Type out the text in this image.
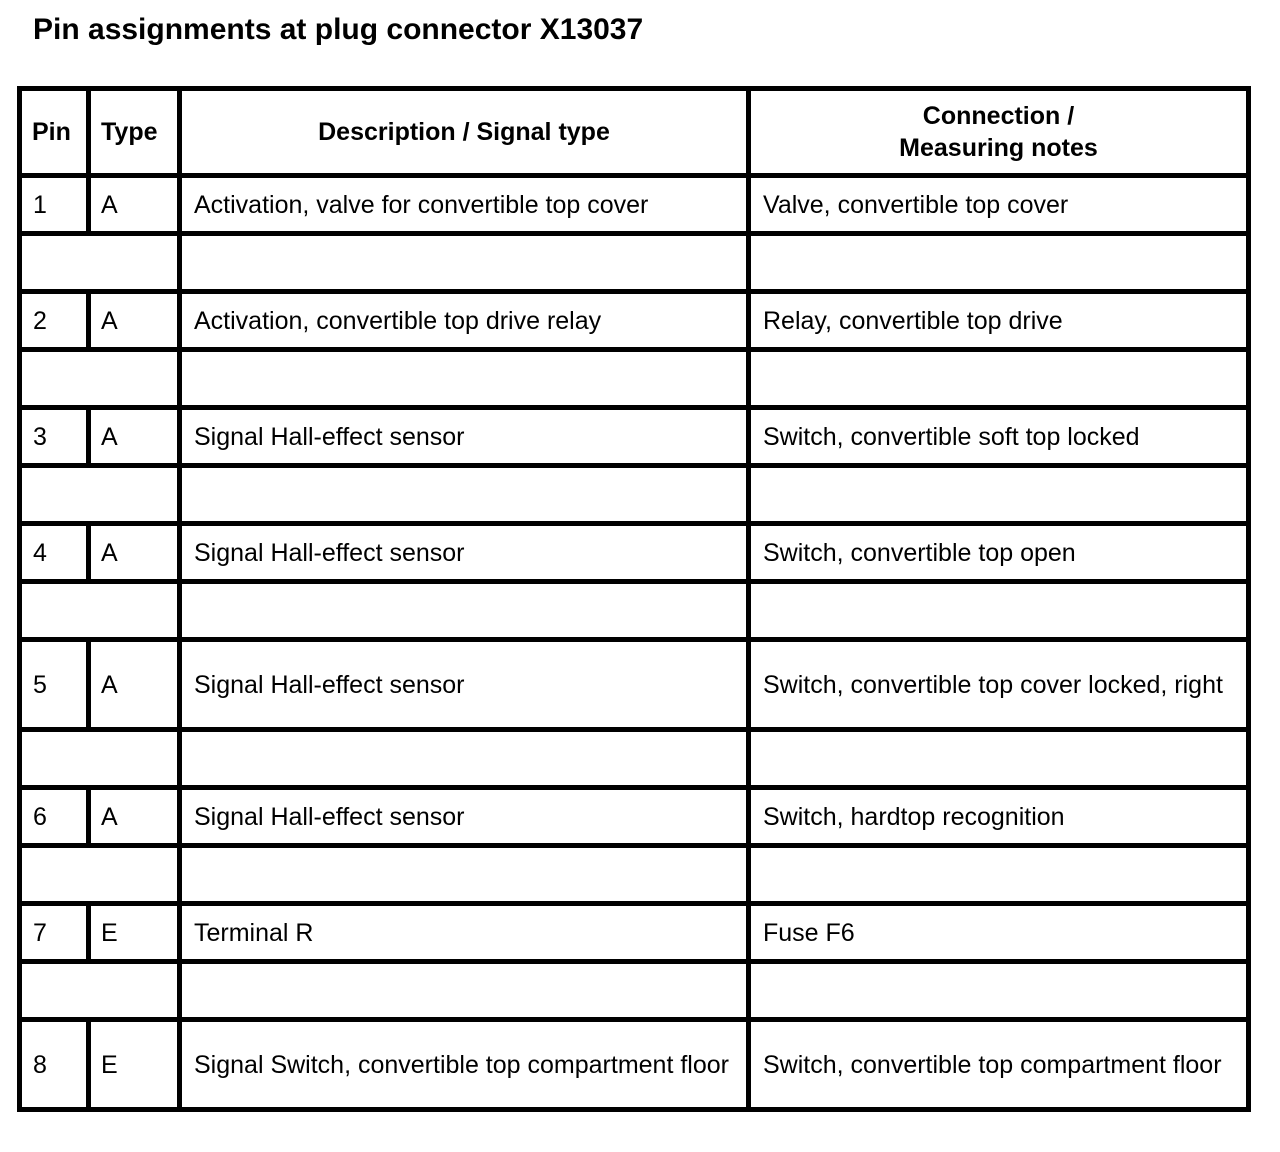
Pin assignments at plug connector X13037
Pin	Type	Description / Signal type	Connection /
Measuring notes
1	A	Activation, valve for convertible top cover	Valve, convertible top cover

2	A	Activation, convertible top drive relay	Relay, convertible top drive

3	A	Signal Hall-effect sensor	Switch, convertible soft top locked

4	A	Signal Hall-effect sensor	Switch, convertible top open

5	A	Signal Hall-effect sensor	Switch, convertible top cover locked, right

6	A	Signal Hall-effect sensor	Switch, hardtop recognition

7	E	Terminal R	Fuse F6

8	E	Signal Switch, convertible top compartment floor	Switch, convertible top compartment floor
